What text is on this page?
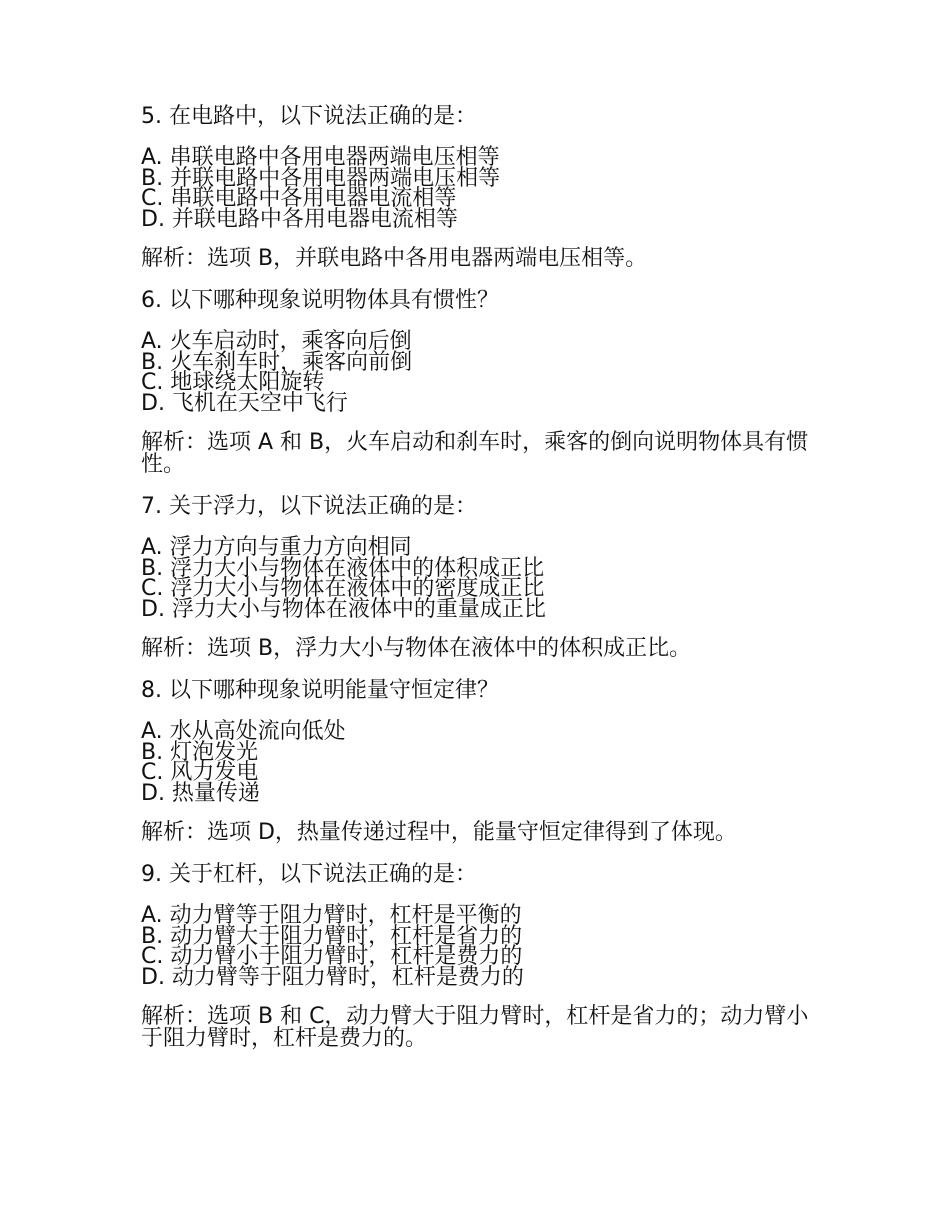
5. 在电路中，以下说法正确的是：
A. 串联电路中各用电器两端电压相等
B. 并联电路中各用电器两端电压相等
C. 串联电路中各用电器电流相等
D. 并联电路中各用电器电流相等
解析：选项 B，并联电路中各用电器两端电压相等。
6. 以下哪种现象说明物体具有惯性？
A. 火车启动时，乘客向后倒
B. 火车刹车时，乘客向前倒
C. 地球绕太阳旋转
D. 飞机在天空中飞行
解析：选项 A 和 B，火车启动和刹车时，乘客的倒向说明物体具有惯性。
7. 关于浮力，以下说法正确的是：
A. 浮力方向与重力方向相同
B. 浮力大小与物体在液体中的体积成正比
C. 浮力大小与物体在液体中的密度成正比
D. 浮力大小与物体在液体中的重量成正比
解析：选项 B，浮力大小与物体在液体中的体积成正比。
8. 以下哪种现象说明能量守恒定律？
A. 水从高处流向低处
B. 灯泡发光
C. 风力发电
D. 热量传递
解析：选项 D，热量传递过程中，能量守恒定律得到了体现。
9. 关于杠杆，以下说法正确的是：
A. 动力臂等于阻力臂时，杠杆是平衡的
B. 动力臂大于阻力臂时，杠杆是省力的
C. 动力臂小于阻力臂时，杠杆是费力的
D. 动力臂等于阻力臂时，杠杆是费力的
解析：选项 B 和 C，动力臂大于阻力臂时，杠杆是省力的；动力臂小于阻力臂时，杠杆是费力的。
